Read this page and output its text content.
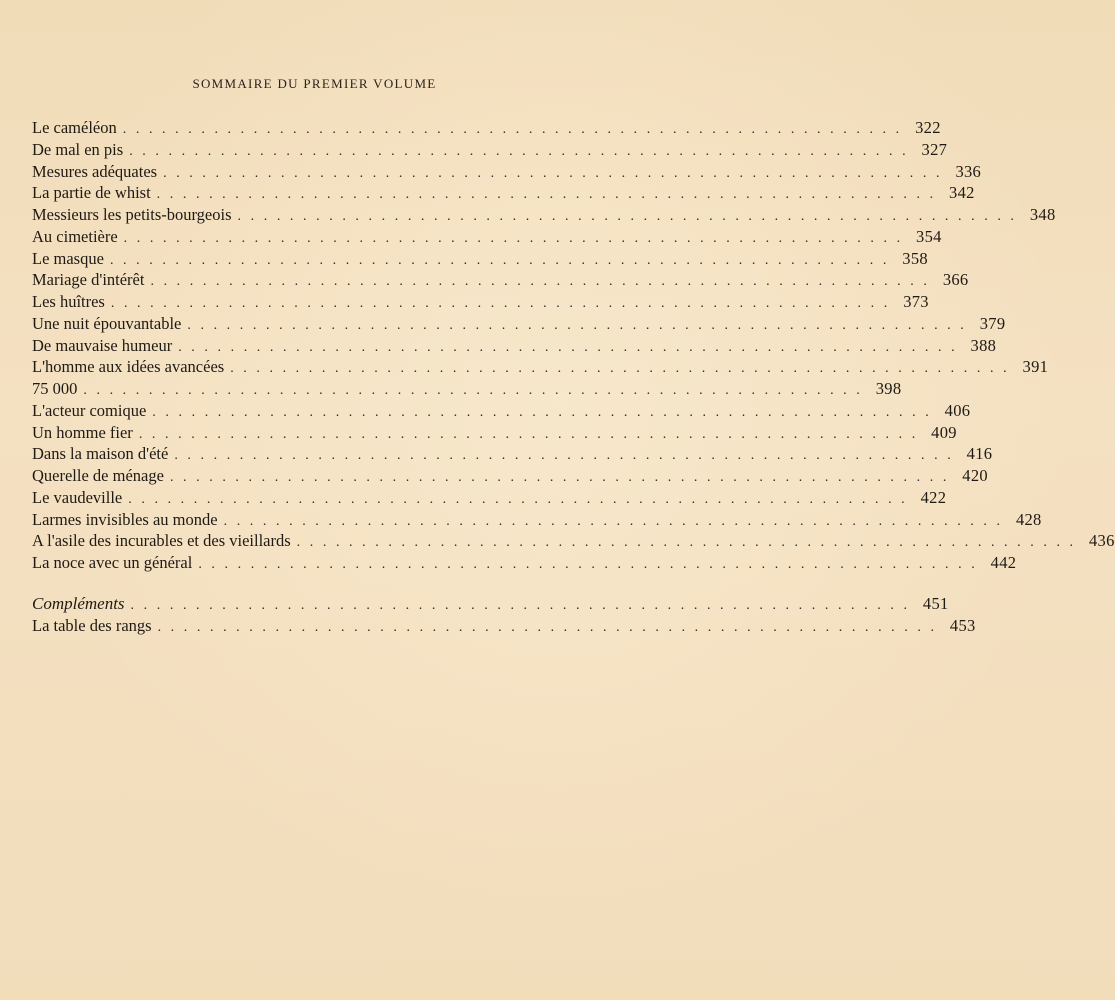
SOMMAIRE DU PREMIER VOLUME
Le caméléon ............................................................ 322
De mal en pis ............................................................ 327
Mesures adéquates ............................................................ 336
La partie de whist ............................................................ 342
Messieurs les petits-bourgeois ............................................................ 348
Au cimetière ............................................................ 354
Le masque ............................................................ 358
Mariage d'intérêt ............................................................ 366
Les huîtres ............................................................ 373
Une nuit épouvantable ............................................................ 379
De mauvaise humeur ............................................................ 388
L'homme aux idées avancées ............................................................ 391
75 000 ............................................................ 398
L'acteur comique ............................................................ 406
Un homme fier ............................................................ 409
Dans la maison d'été ............................................................ 416
Querelle de ménage ............................................................ 420
Le vaudeville ............................................................ 422
Larmes invisibles au monde ............................................................ 428
A l'asile des incurables et des vieillards ............................................................ 436
La noce avec un général ............................................................ 442
Compléments ............................................................ 451
La table des rangs ............................................................ 453
